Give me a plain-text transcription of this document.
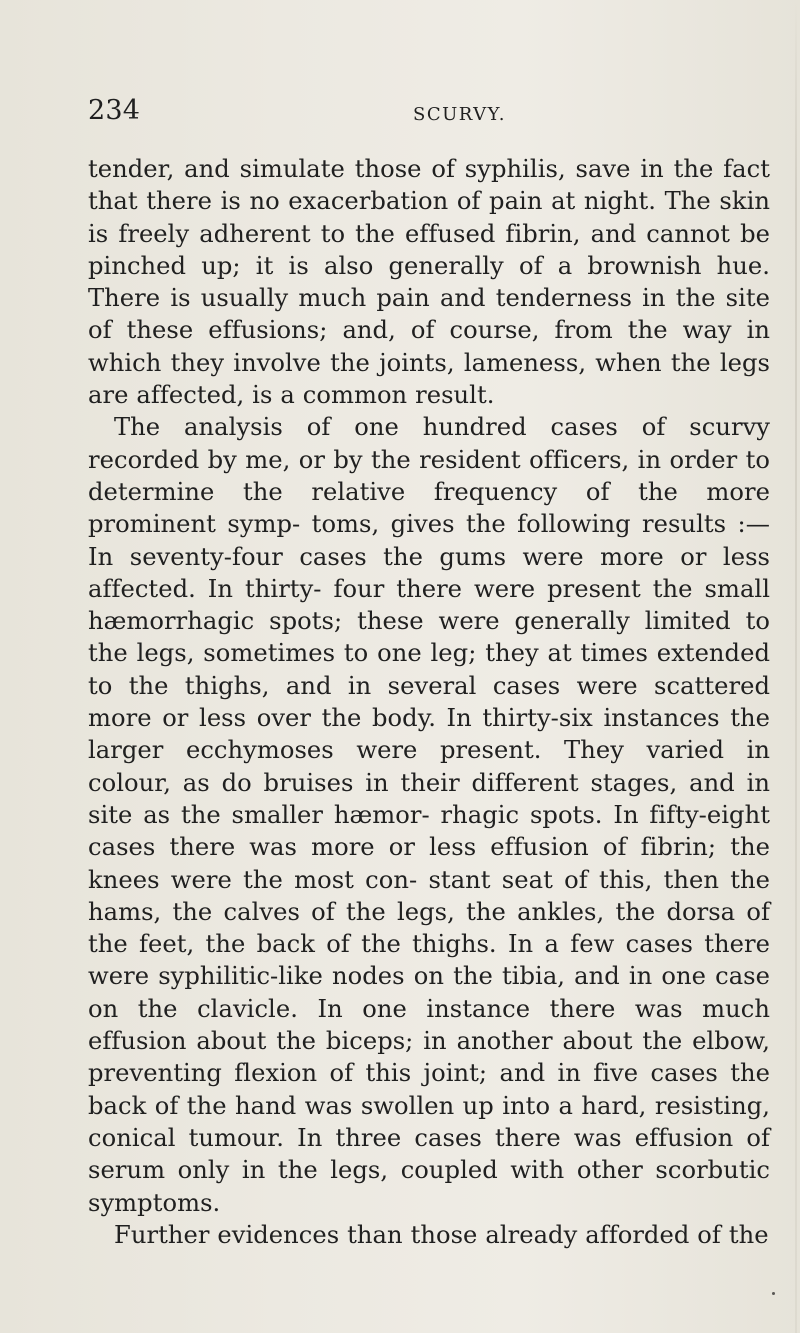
234	SCURVY.

tender, and simulate those of syphilis, save in the fact that there is no exacerbation of pain at night. The skin is freely adherent to the effused fibrin, and cannot be pinched up; it is also generally of a brownish hue. There is usually much pain and tenderness in the site of these effusions; and, of course, from the way in which they involve the joints, lameness, when the legs are affected, is a common result.

The analysis of one hundred cases of scurvy recorded by me, or by the resident officers, in order to determine the relative frequency of the more prominent symp- toms, gives the following results :—In seventy-four cases the gums were more or less affected. In thirty- four there were present the small hæmorrhagic spots; these were generally limited to the legs, sometimes to one leg; they at times extended to the thighs, and in several cases were scattered more or less over the body. In thirty-six instances the larger ecchymoses were present. They varied in colour, as do bruises in their different stages, and in site as the smaller hæmor- rhagic spots. In fifty-eight cases there was more or less effusion of fibrin; the knees were the most con- stant seat of this, then the hams, the calves of the legs, the ankles, the dorsa of the feet, the back of the thighs. In a few cases there were syphilitic-like nodes on the tibia, and in one case on the clavicle. In one instance there was much effusion about the biceps; in another about the elbow, preventing flexion of this joint; and in five cases the back of the hand was swollen up into a hard, resisting, conical tumour. In three cases there was effusion of serum only in the legs, coupled with other scorbutic symptoms.

Further evidences than those already afforded of the
